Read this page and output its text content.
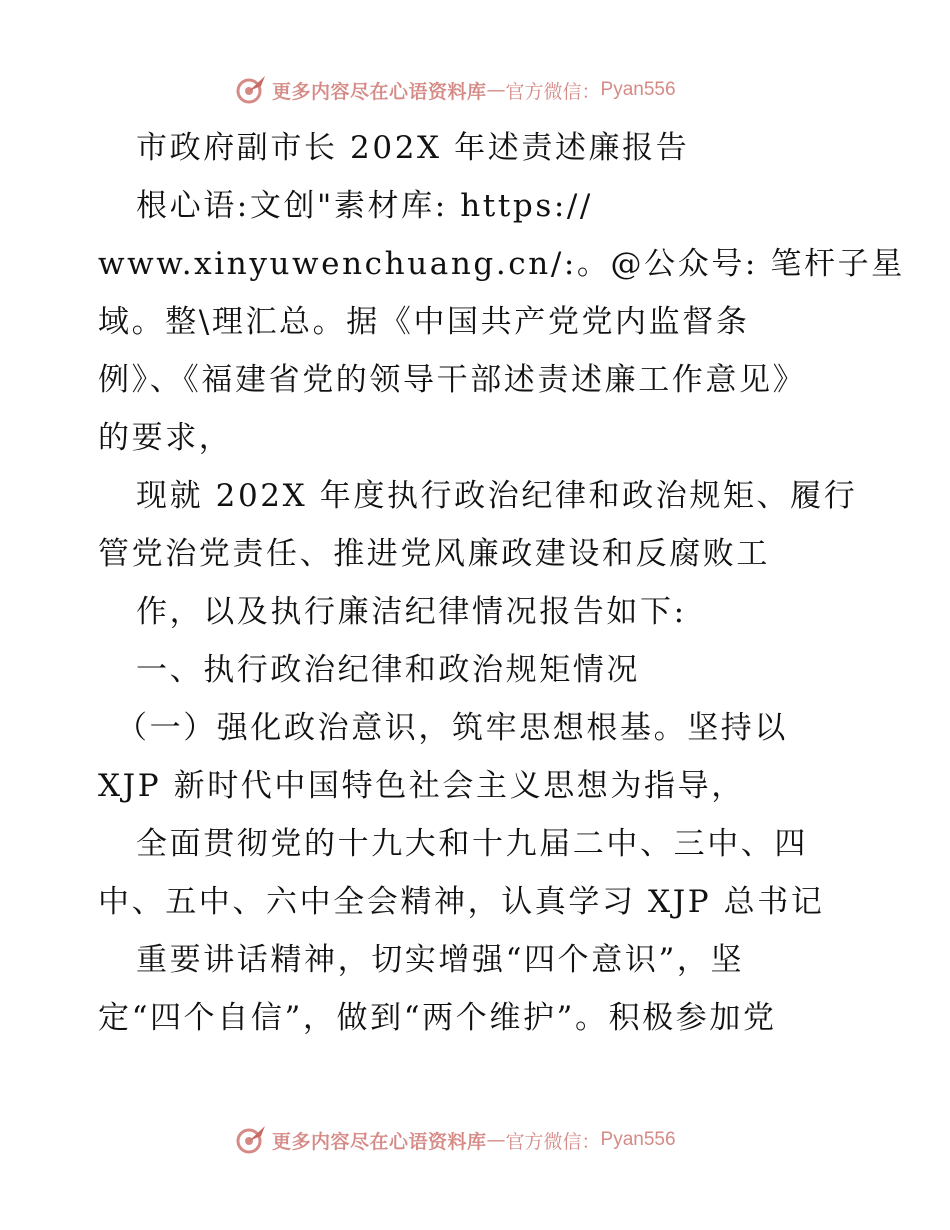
更多内容尽在心语资料库 — 官方微信： Pyan556
市政府副市长 202X 年述责述廉报告
根心语:文创"素材库: https://
www.xinyuwenchuang.cn/:。@公众号: 笔杆子星
域。整\理汇总。据《中国共产党党内监督条
例》、《福建省党的领导干部述责述廉工作意见》
的要求，
现就 202X 年度执行政治纪律和政治规矩、履行
管党治党责任、推进党风廉政建设和反腐败工
作，以及执行廉洁纪律情况报告如下:
一、执行政治纪律和政治规矩情况
（一）强化政治意识，筑牢思想根基。坚持以
XJP 新时代中国特色社会主义思想为指导，
全面贯彻党的十九大和十九届二中、三中、四
中、五中、六中全会精神，认真学习 XJP 总书记
重要讲话精神，切实增强“四个意识”，坚
定“四个自信”，做到“两个维护”。积极参加党
更多内容尽在心语资料库 — 官方微信： Pyan556
